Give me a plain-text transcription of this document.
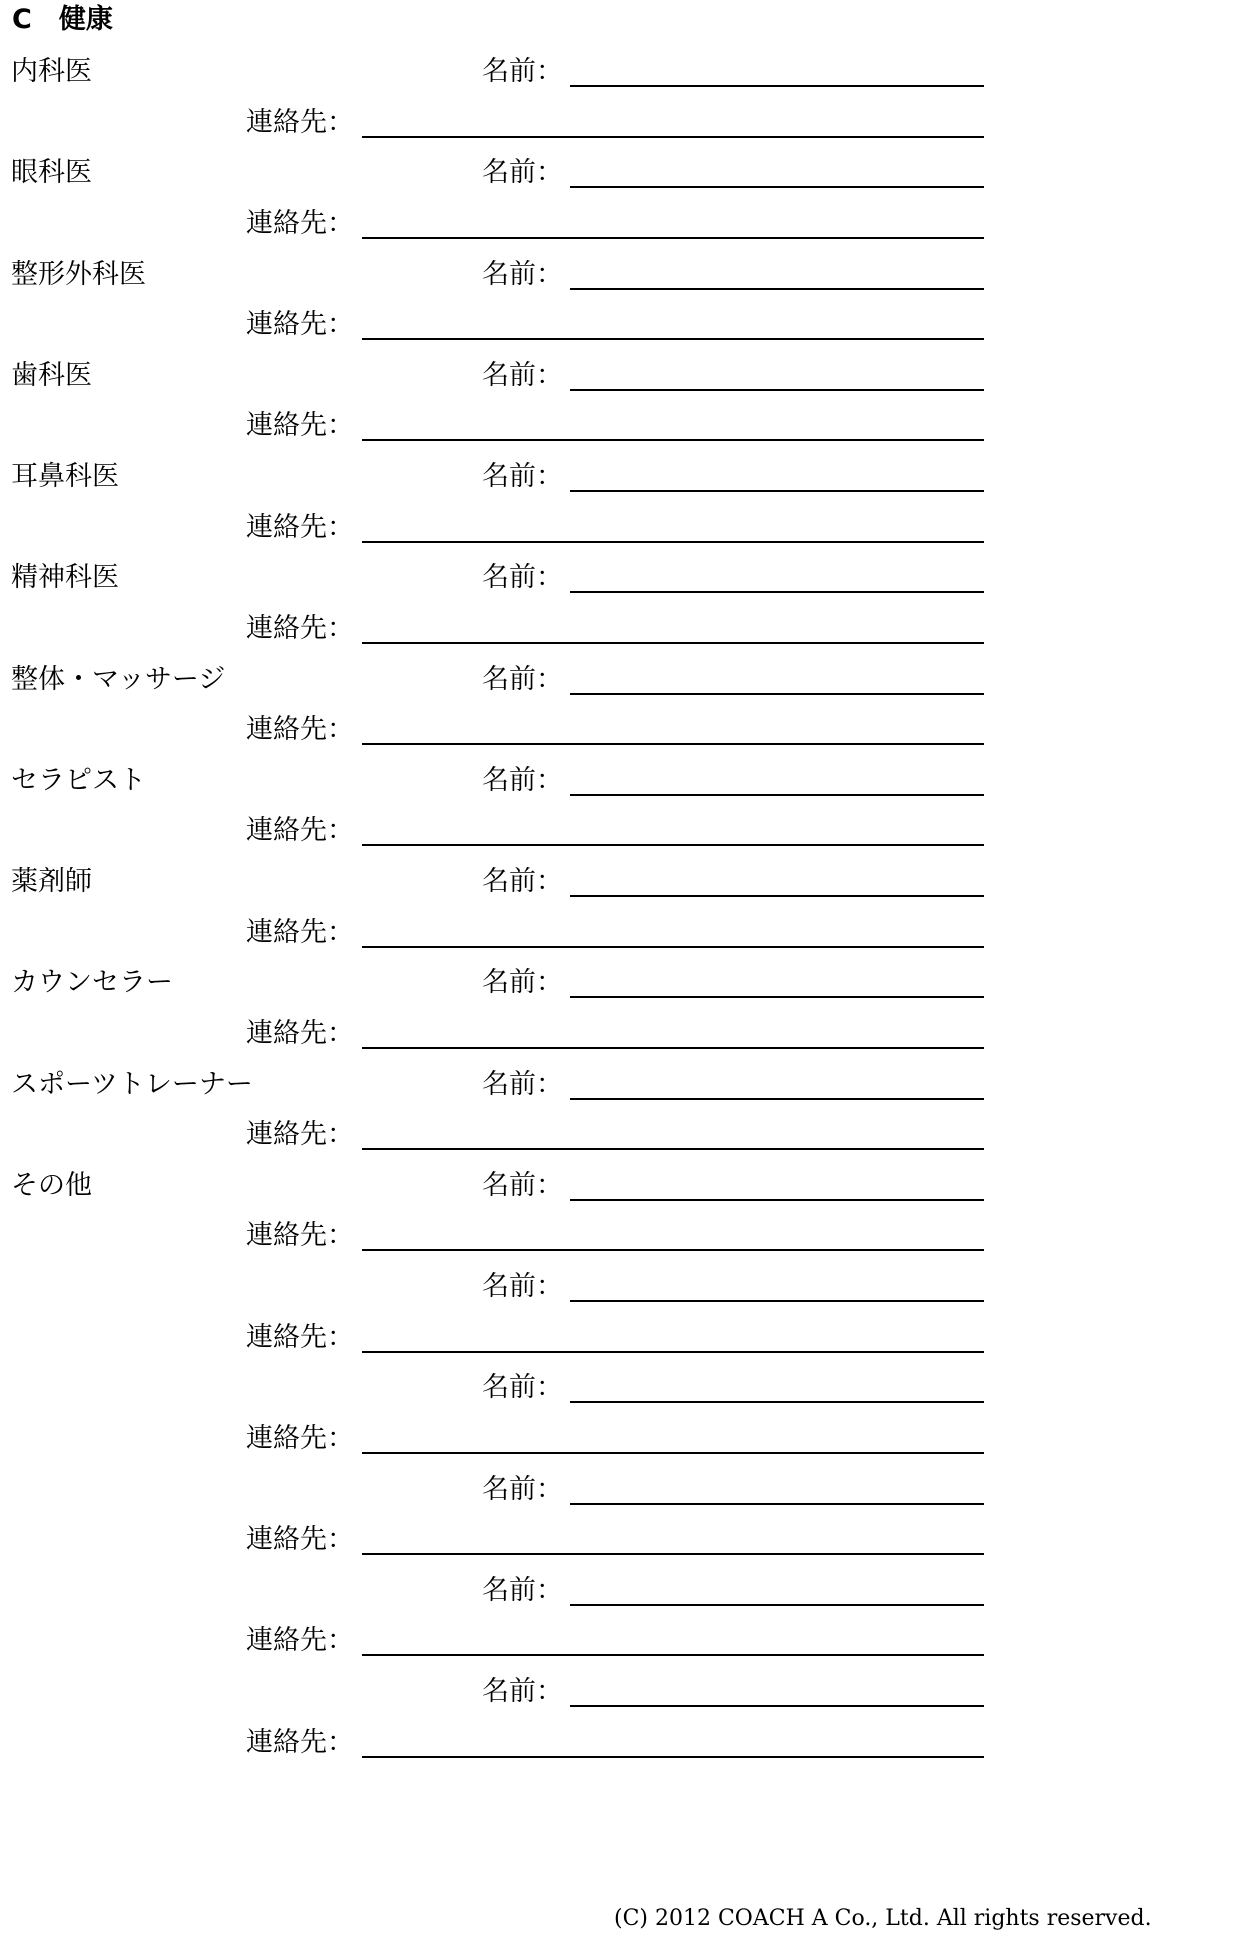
C　健康
内科医	名前：
連絡先：
眼科医	名前：
連絡先：
整形外科医	名前：
連絡先：
歯科医	名前：
連絡先：
耳鼻科医	名前：
連絡先：
精神科医	名前：
連絡先：
整体・マッサージ	名前：
連絡先：
セラピスト	名前：
連絡先：
薬剤師	名前：
連絡先：
カウンセラー	名前：
連絡先：
スポーツトレーナー	名前：
連絡先：
その他	名前：
連絡先：
名前：
連絡先：
名前：
連絡先：
名前：
連絡先：
名前：
連絡先：
名前：
連絡先：
(C) 2012 COACH A Co., Ltd. All rights reserved.
